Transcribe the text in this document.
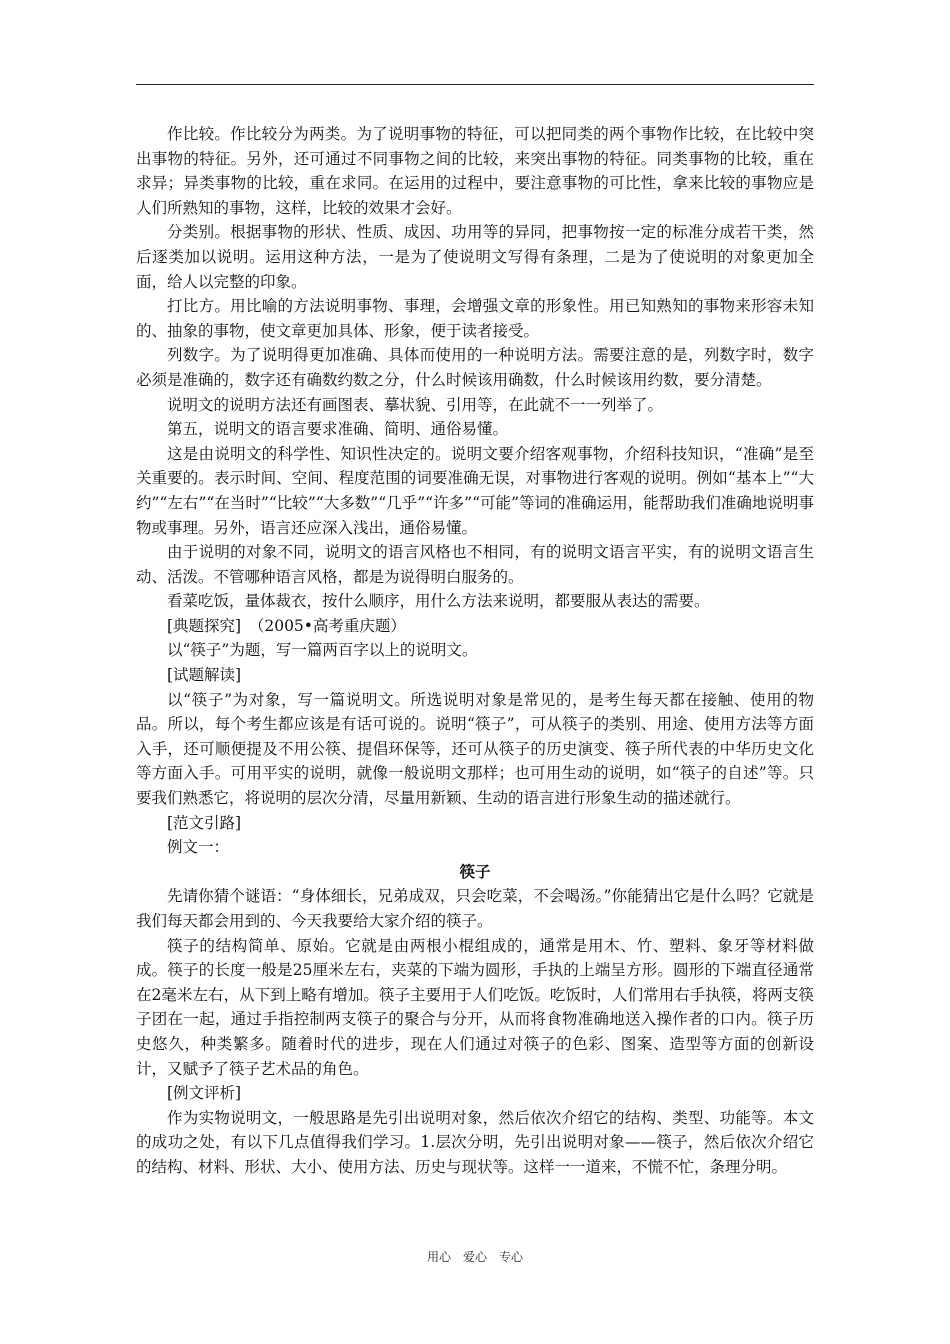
作比较。作比较分为两类。为了说明事物的特征，可以把同类的两个事物作比较，在比较中突出事物的特征。另外，还可通过不同事物之间的比较，来突出事物的特征。同类事物的比较，重在求异；异类事物的比较，重在求同。在运用的过程中，要注意事物的可比性，拿来比较的事物应是人们所熟知的事物，这样，比较的效果才会好。

分类别。根据事物的形状、性质、成因、功用等的异同，把事物按一定的标准分成若干类，然后逐类加以说明。运用这种方法，一是为了使说明文写得有条理，二是为了使说明的对象更加全面，给人以完整的印象。

打比方。用比喻的方法说明事物、事理，会增强文章的形象性。用已知熟知的事物来形容未知的、抽象的事物，使文章更加具体、形象，便于读者接受。

列数字。为了说明得更加准确、具体而使用的一种说明方法。需要注意的是，列数字时，数字必须是准确的，数字还有确数约数之分，什么时候该用确数，什么时候该用约数，要分清楚。

说明文的说明方法还有画图表、摹状貌、引用等，在此就不一一列举了。

第五，说明文的语言要求准确、简明、通俗易懂。

这是由说明文的科学性、知识性决定的。说明文要介绍客观事物，介绍科技知识，“准确”是至关重要的。表示时间、空间、程度范围的词要准确无误，对事物进行客观的说明。例如“基本上”“大约”“左右”“在当时”“比较”“大多数”“几乎”“许多”“可能”等词的准确运用，能帮助我们准确地说明事物或事理。另外，语言还应深入浅出，通俗易懂。

由于说明的对象不同，说明文的语言风格也不相同，有的说明文语言平实，有的说明文语言生动、活泼。不管哪种语言风格，都是为说得明白服务的。

看菜吃饭，量体裁衣，按什么顺序，用什么方法来说明，都要服从表达的需要。

[典题探究]　（2005•高考重庆题）

以“筷子”为题，写一篇两百字以上的说明文。

[试题解读]

以“筷子”为对象，写一篇说明文。所选说明对象是常见的，是考生每天都在接触、使用的物品。所以，每个考生都应该是有话可说的。说明“筷子”，可从筷子的类别、用途、使用方法等方面入手，还可顺便提及不用公筷、提倡环保等，还可从筷子的历史演变、筷子所代表的中华历史文化等方面入手。可用平实的说明，就像一般说明文那样；也可用生动的说明，如“筷子的自述”等。只要我们熟悉它，将说明的层次分清，尽量用新颖、生动的语言进行形象生动的描述就行。

[范文引路]

例文一：

筷子

先请你猜个谜语：“身体细长，兄弟成双，只会吃菜，不会喝汤。”你能猜出它是什么吗？它就是我们每天都会用到的、今天我要给大家介绍的筷子。

筷子的结构简单、原始。它就是由两根小棍组成的，通常是用木、竹、塑料、象牙等材料做成。筷子的长度一般是25厘米左右，夹菜的下端为圆形，手执的上端呈方形。圆形的下端直径通常在2毫米左右，从下到上略有增加。筷子主要用于人们吃饭。吃饭时，人们常用右手执筷，将两支筷子团在一起，通过手指控制两支筷子的聚合与分开，从而将食物准确地送入操作者的口内。筷子历史悠久，种类繁多。随着时代的进步，现在人们通过对筷子的色彩、图案、造型等方面的创新设计，又赋予了筷子艺术品的角色。

[例文评析]

作为实物说明文，一般思路是先引出说明对象，然后依次介绍它的结构、类型、功能等。本文的成功之处，有以下几点值得我们学习。1.层次分明，先引出说明对象——筷子，然后依次介绍它的结构、材料、形状、大小、使用方法、历史与现状等。这样一一道来，不慌不忙，条理分明。

用心　爱心　专心
